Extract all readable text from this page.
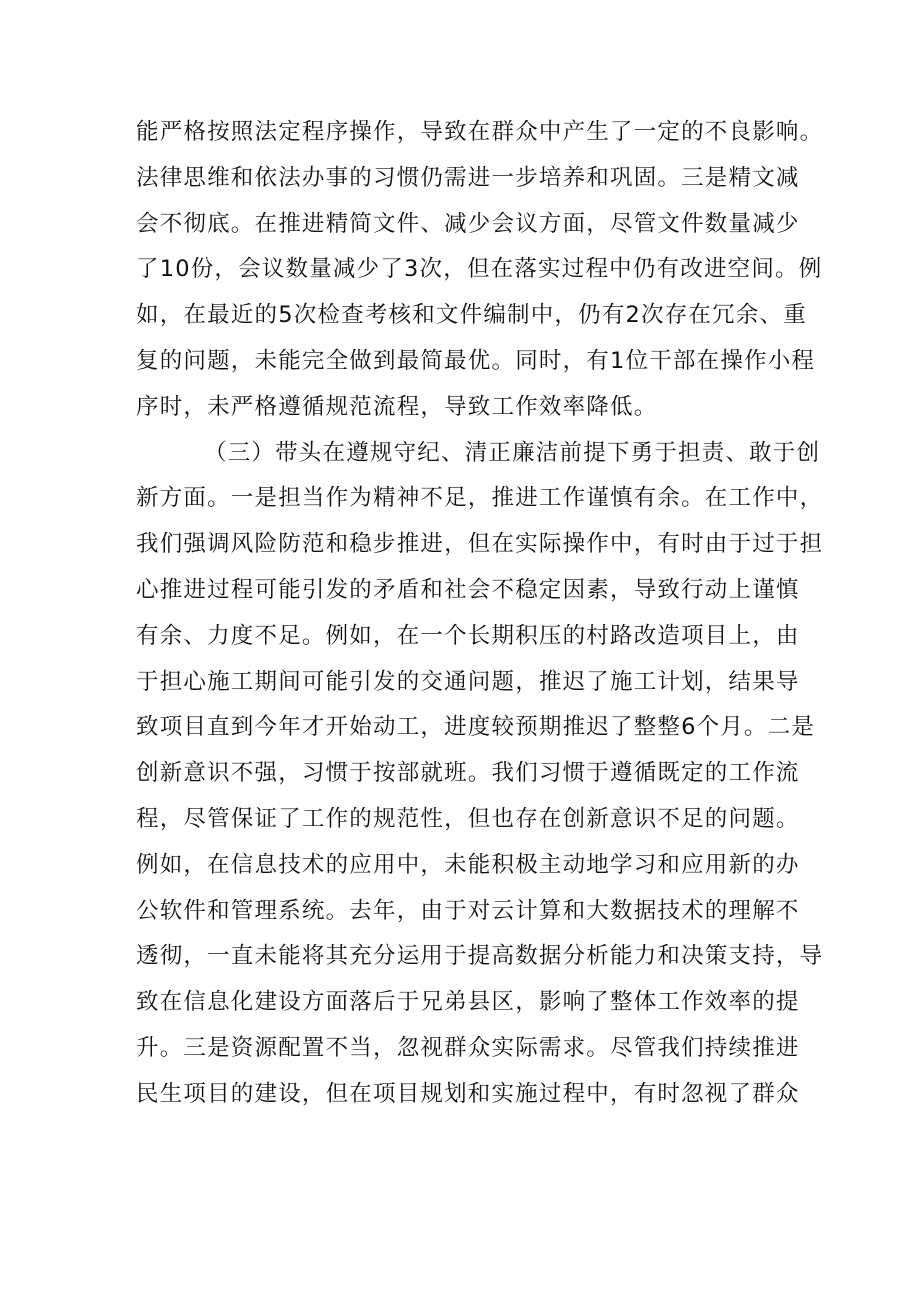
能严格按照法定程序操作，导致在群众中产生了一定的不良影响。
法律思维和依法办事的习惯仍需进一步培养和巩固。三是精文减
会不彻底。在推进精简文件、减少会议方面，尽管文件数量减少
了10份，会议数量减少了3次，但在落实过程中仍有改进空间。例
如，在最近的5次检查考核和文件编制中，仍有2次存在冗余、重
复的问题，未能完全做到最简最优。同时，有1位干部在操作小程
序时，未严格遵循规范流程，导致工作效率降低。
（三）带头在遵规守纪、清正廉洁前提下勇于担责、敢于创
新方面。一是担当作为精神不足，推进工作谨慎有余。在工作中，
我们强调风险防范和稳步推进，但在实际操作中，有时由于过于担
心推进过程可能引发的矛盾和社会不稳定因素，导致行动上谨慎
有余、力度不足。例如，在一个长期积压的村路改造项目上，由
于担心施工期间可能引发的交通问题，推迟了施工计划，结果导
致项目直到今年才开始动工，进度较预期推迟了整整6个月。二是
创新意识不强，习惯于按部就班。我们习惯于遵循既定的工作流
程，尽管保证了工作的规范性，但也存在创新意识不足的问题。
例如，在信息技术的应用中，未能积极主动地学习和应用新的办
公软件和管理系统。去年，由于对云计算和大数据技术的理解不
透彻，一直未能将其充分运用于提高数据分析能力和决策支持，导
致在信息化建设方面落后于兄弟县区，影响了整体工作效率的提
升。三是资源配置不当，忽视群众实际需求。尽管我们持续推进
民生项目的建设，但在项目规划和实施过程中，有时忽视了群众
